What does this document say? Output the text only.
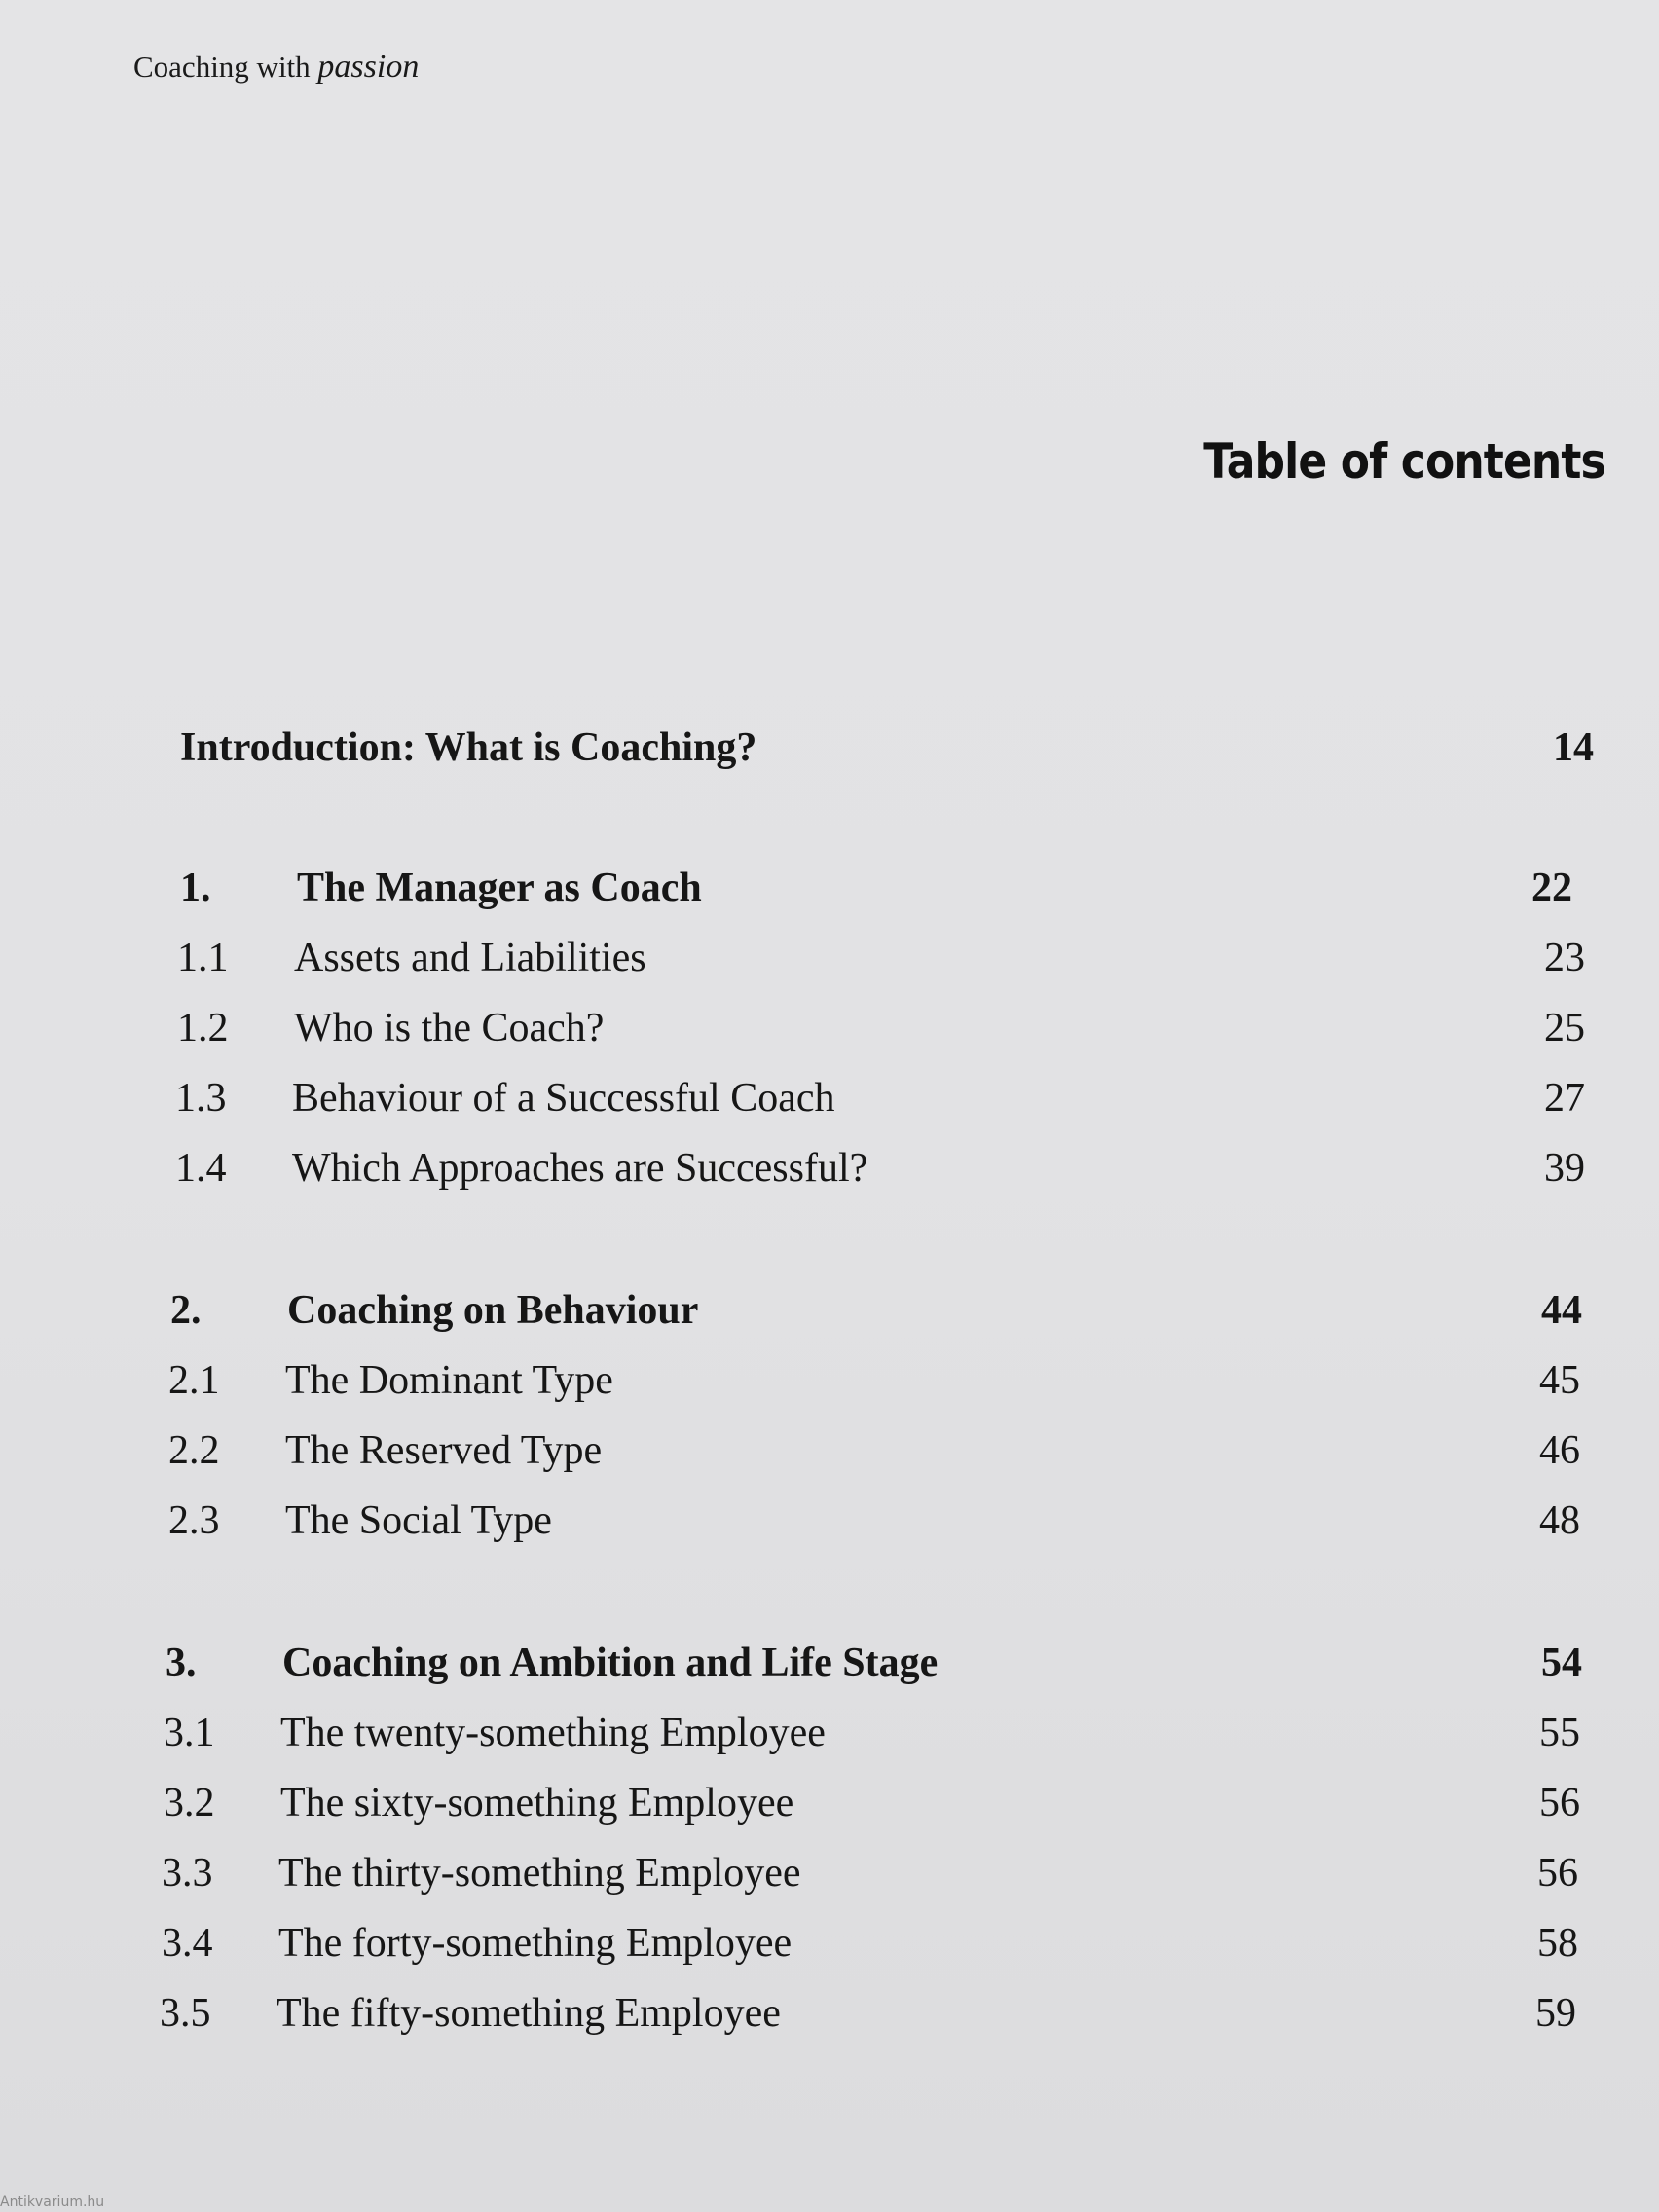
Coaching with passion
Table of contents
Introduction: What is Coaching?	14
1. The Manager as Coach	22
1.1 Assets and Liabilities	23
1.2 Who is the Coach?	25
1.3 Behaviour of a Successful Coach	27
1.4 Which Approaches are Successful?	39
2. Coaching on Behaviour	44
2.1 The Dominant Type	45
2.2 The Reserved Type	46
2.3 The Social Type	48
3. Coaching on Ambition and Life Stage	54
3.1 The twenty-something Employee	55
3.2 The sixty-something Employee	56
3.3 The thirty-something Employee	56
3.4 The forty-something Employee	58
3.5 The fifty-something Employee	59
Antikvarium.hu
